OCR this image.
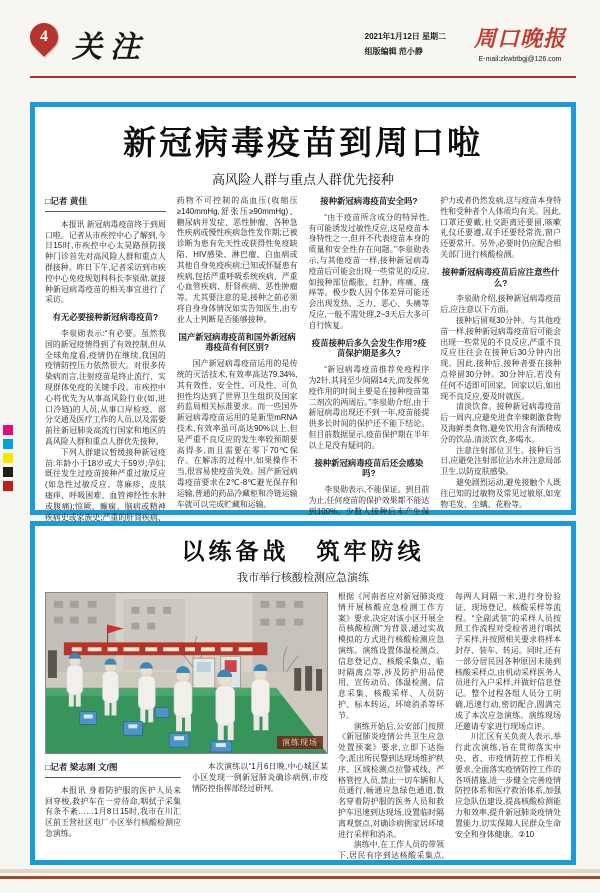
4 关注	2021年1月12日 星期二
组版编辑 范小静
周口晚报
E-mail:zkwbtbgj@126.com
新冠病毒疫苗到周口啦
高风险人群与重点人群优先接种

□记者 黄佳

本报讯 新冠病毒疫苗终于到周口啦。记者从市疾控中心了解到,今日15时,市疾控中心太昊路预防接种门诊首先对高风险人群和重点人群接种。昨日下午,记者采访到市疾控中心免疫规划科科长李泉勋,就接种新冠病毒疫苗的相关事宜进行了采访。

有无必要接种新冠病毒疫苗?

李泉勋表示:“有必要。虽然我国的新冠疫情得到了有效控制,但从全球角度看,疫情仍在继续,我国的疫情防控压力依然很大。对很多传染病而言,注射疫苗是终止流行、实现群体免疫的关键手段。市疾控中心将优先为从事高风险行业(如,进口冷链)的人员,从事口岸检疫、部分交通及医疗工作的人员,以及需要前往新冠肺炎高流行国家和地区的高风险人群和重点人群优先接种。

下列人群建议暂缓接种新冠疫苗:年龄小于18岁或大于59岁;孕妇;既往发生过疫苗接种严重过敏反应(如急性过敏反应、荨麻疹、皮肤瘙痒、呼吸困难、血管神经性水肿或腹痛);惊厥、癫痫、脑病或精神疾病史或家族史;严重的肝肾疾病、药物不可控制的高血压(收缩压≥140mmHg,舒张压≥90mmHg)、糖尿病并发症、恶性肿瘤、各种急性疾病或慢性疾病急性发作期;已被诊断为患有先天性或获得性免疫缺陷、HIV感染、淋巴瘤、白血病或其他自身免疫疾病;已知或怀疑患有疾病,包括严重呼吸系统疾病、严重心血管疾病、肝肾疾病、恶性肿瘤等。尤其要注意的是,接种之前必须将自身身体情况如实告知医生,由专业人士判断是否能够接种。

国产新冠病毒疫苗和国外新冠病毒疫苗有何区别?

国产新冠病毒疫苗运用的是传统的灭活技术,有效率高达79.34%,其有效性、安全性、可及性、可负担性均达到了世界卫生组织及国家药监局相关标准要求。而一些国外新冠病毒疫苗运用的是新型mRNA技术,有效率虽可高达90%以上,但是严重不良反应的发生率较预期要高得多,而且需要在零下70℃保存。在解冻的过程中,如果操作不当,很容易使疫苗失效。国产新冠病毒疫苗要求在2℃-8℃避光保存和运输,普通的药品冷藏柜和冷链运输车就可以完成贮藏和运输。

接种新冠病毒疫苗安全吗?

“由于疫苗所含成分的特异性,有可能诱发过敏性反应,这是疫苗本身特性之一,但并不代表疫苗本身的质量和安全性存在问题。”李泉勋表示,与其他疫苗一样,接种新冠病毒疫苗后可能会出现一些常见的反应,如接种部位酸胀、红肿、疼痛、瘙痒等。极少数人因个体差异可能还会出现发热、乏力、恶心、头痛等反应,一般不需处理,2~3天后大多可自行恢复。

疫苗接种后多久会发生作用?疫苗保护期是多久?

“新冠病毒疫苗推荐免疫程序为2针,其间至少间隔14天,而发挥免疫作用的时间主要是在接种疫苗第二剂次的两周后。”李泉勋介绍,由于新冠病毒出现还不到一年,疫苗能提供多长时间的保护还不能下结论。但目前数据显示,疫苗保护期在半年以上是没有疑问的。

接种新冠病毒疫苗后还会感染吗?

李泉勋表示,不能保证。到目前为止,任何疫苗的保护效果都不能达到100%。少数人接种后未产生保护力或者仍然发病,这与疫苗本身特性和受种者个人体质均有关。因此,口罩还要戴,社交距离还要留,咳嗽礼仪还要遵,双手还要经常洗,窗户还要常开。另外,必要时仍应配合相关部门进行核酸检测。

接种新冠病毒疫苗后应注意些什么?

李泉勋介绍,接种新冠病毒疫苗后,应注意以下方面。

接种后留观30分钟。与其他疫苗一样,接种新冠病毒疫苗后可能会出现一些常见的不良反应,严重不良反应往往会在接种后30分钟内出现。因此,接种后,接种者要在接种点停留30分钟。30分钟后,若没有任何不适即可回家。回家以后,如出现不良反应,要及时就医。

清淡饮食。接种新冠病毒疫苗后一周内,应避免进食辛辣刺激食物及海鲜类食物,避免饮用含有酒精成分的饮品,清淡饮食,多喝水。

注意注射部位卫生。接种后当日,应避免注射部位沾水并注意局部卫生,以防皮肤感染。

避免剧烈运动,避免接触个人既往已知的过敏物及常见过敏原,如宠物毛发、尘螨、花粉等。

以练备战　筑牢防线
我市举行核酸检测应急演练
演练现场

□记者 梁志刚 文/图

本报讯 身着防护服的医护人员来回穿梭,救护车在一旁待命,咽拭子采集有条不紊……1月8日15时,我市在川汇区前王营社区电厂小区举行核酸检测应急演练。

本次演练以“1月6日晚,中心城区某小区发现一例新冠肺炎确诊病例,市疫情防控指挥部经过研判,

根据《河南省应对新冠肺炎疫情开展核酸应急检测工作方案》要求,决定对该小区开展全员核酸检测”为背景,通过实战模拟的方式进行核酸检测应急演练。演练设置体温检测点、信息登记点、核酸采集点、临时隔离点等,涉及防护用品使用、宣传动员、体温检测、信息采集、核酸采样、人员防护、标本转运、环境消杀等环节。

演练开始后,公安部门按照《新冠肺炎疫情公共卫生应急处置预案》要求,立即下达指令,派出所民警到达现场维护秩序、区域检测点拉警戒线、严格管控人员,禁止一切车辆和人员通行,畅通应急绿色通道,数名穿着防护服的医务人员和救护车迅速到达现场,设置临时隔离观察点,对确诊病例家居环境进行采样和消杀。

演练中,在工作人员的带领下,居民有序到达核酸采集点,每两人间隔一米,进行身份验证、现场登记、核酸采样等流程。“全副武装”的采样人员按照工作流程对受检者进行咽拭子采样,并按照相关要求将样本封存、装车、转运。同时,还有一部分居民因各种原因未能到核酸采样点,由机动采样医务人员进行入户采样,并做好信息登记。整个过程各组人员分工明确,迅速行动,密切配合,圆满完成了本次应急演练。演练现场还邀请专家进行现场点评。

川汇区有关负责人表示,举行此次演练,旨在贯彻落实中央、省、市疫情防控工作相关要求,全面落实疫情防控工作的各项措施,进一步健全完善疫情防控体系和医疗救治体系,加强应急队伍建设,提高核酸检测能力和效率,提升新冠肺炎疫情处置能力,切实保障人民群众生命安全和身体健康。②10
